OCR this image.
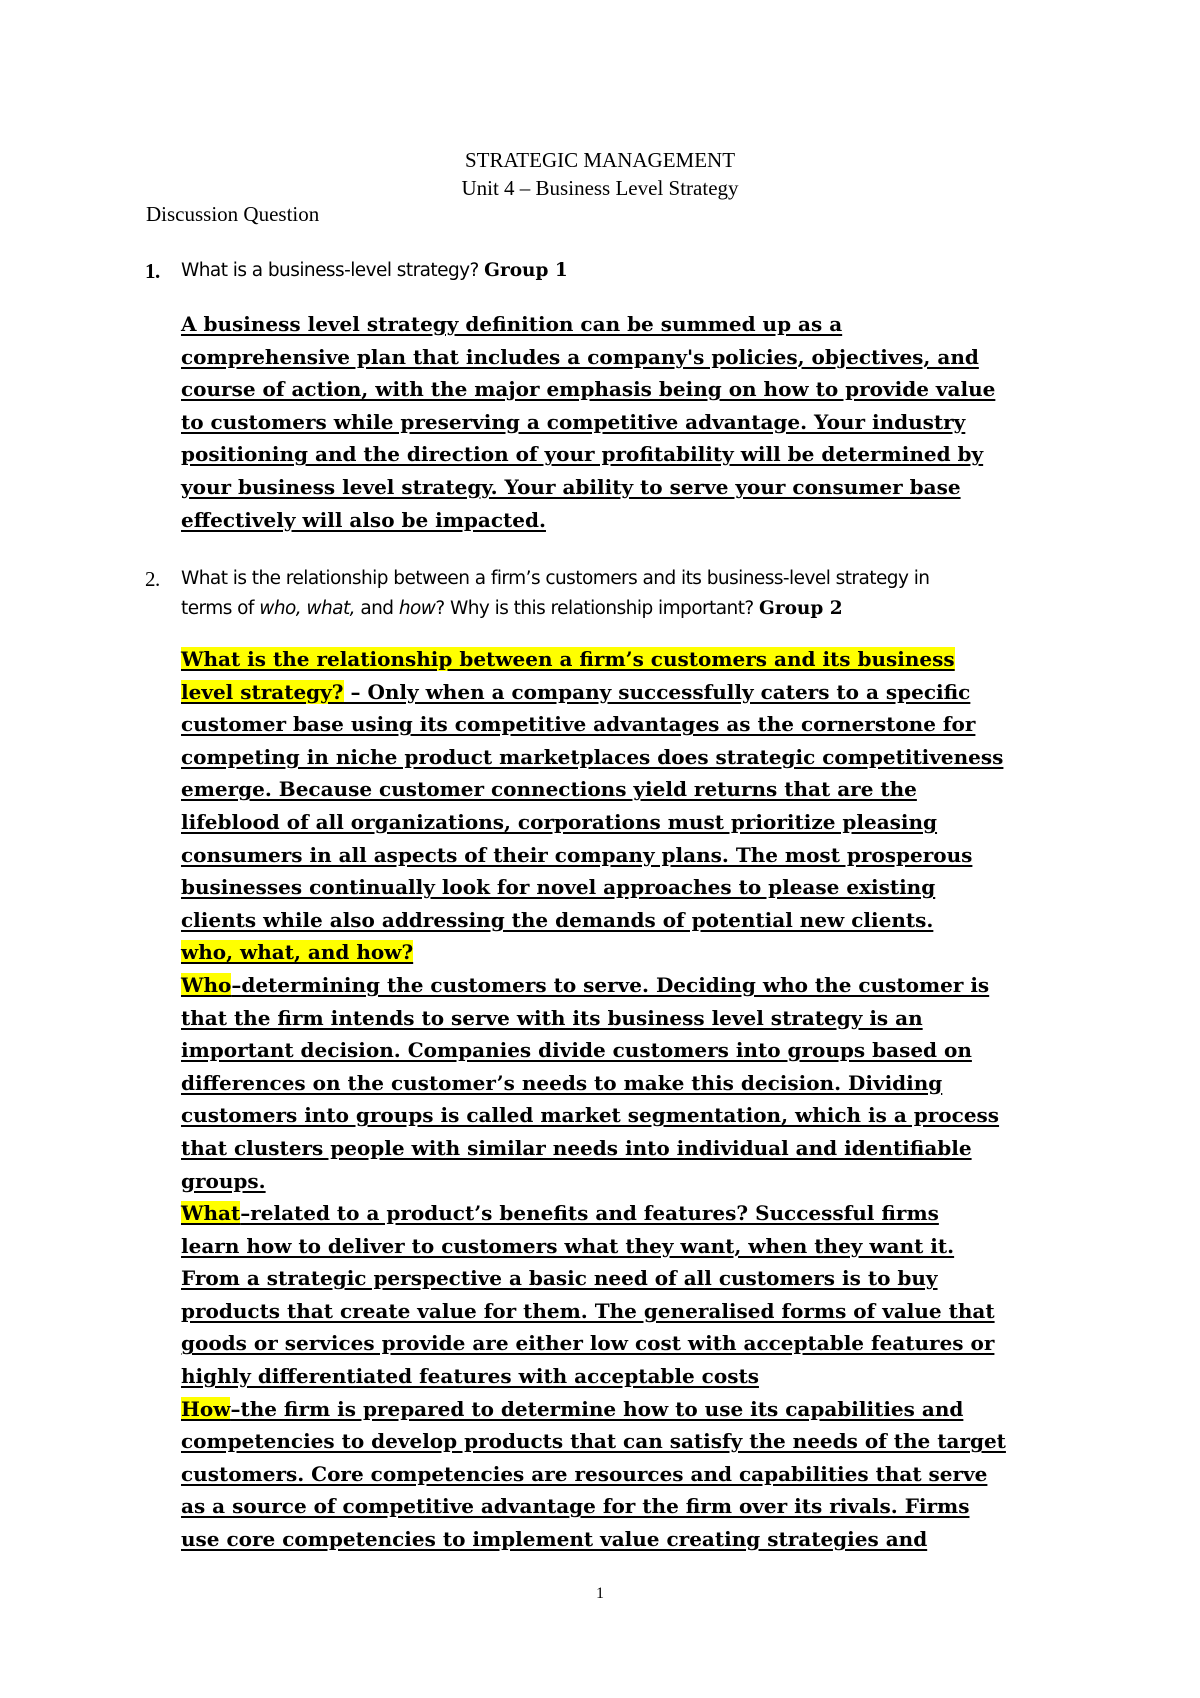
STRATEGIC MANAGEMENT
Unit 4 – Business Level Strategy
Discussion Question
1. What is a business-level strategy? Group 1
A business level strategy definition can be summed up as a
comprehensive plan that includes a company's policies, objectives, and
course of action, with the major emphasis being on how to provide value
to customers while preserving a competitive advantage. Your industry
positioning and the direction of your profitability will be determined by
your business level strategy. Your ability to serve your consumer base
effectively will also be impacted.
2. What is the relationship between a firm’s customers and its business-level strategy in
terms of who, what, and how? Why is this relationship important? Group 2
What is the relationship between a firm’s customers and its business
level strategy? – Only when a company successfully caters to a specific
customer base using its competitive advantages as the cornerstone for
competing in niche product marketplaces does strategic competitiveness
emerge. Because customer connections yield returns that are the
lifeblood of all organizations, corporations must prioritize pleasing
consumers in all aspects of their company plans. The most prosperous
businesses continually look for novel approaches to please existing
clients while also addressing the demands of potential new clients.
who, what, and how?
Who–determining the customers to serve. Deciding who the customer is
that the firm intends to serve with its business level strategy is an
important decision. Companies divide customers into groups based on
differences on the customer’s needs to make this decision. Dividing
customers into groups is called market segmentation, which is a process
that clusters people with similar needs into individual and identifiable
groups.
What–related to a product’s benefits and features? Successful firms
learn how to deliver to customers what they want, when they want it.
From a strategic perspective a basic need of all customers is to buy
products that create value for them. The generalised forms of value that
goods or services provide are either low cost with acceptable features or
highly differentiated features with acceptable costs
How–the firm is prepared to determine how to use its capabilities and
competencies to develop products that can satisfy the needs of the target
customers. Core competencies are resources and capabilities that serve
as a source of competitive advantage for the firm over its rivals. Firms
use core competencies to implement value creating strategies and
1
